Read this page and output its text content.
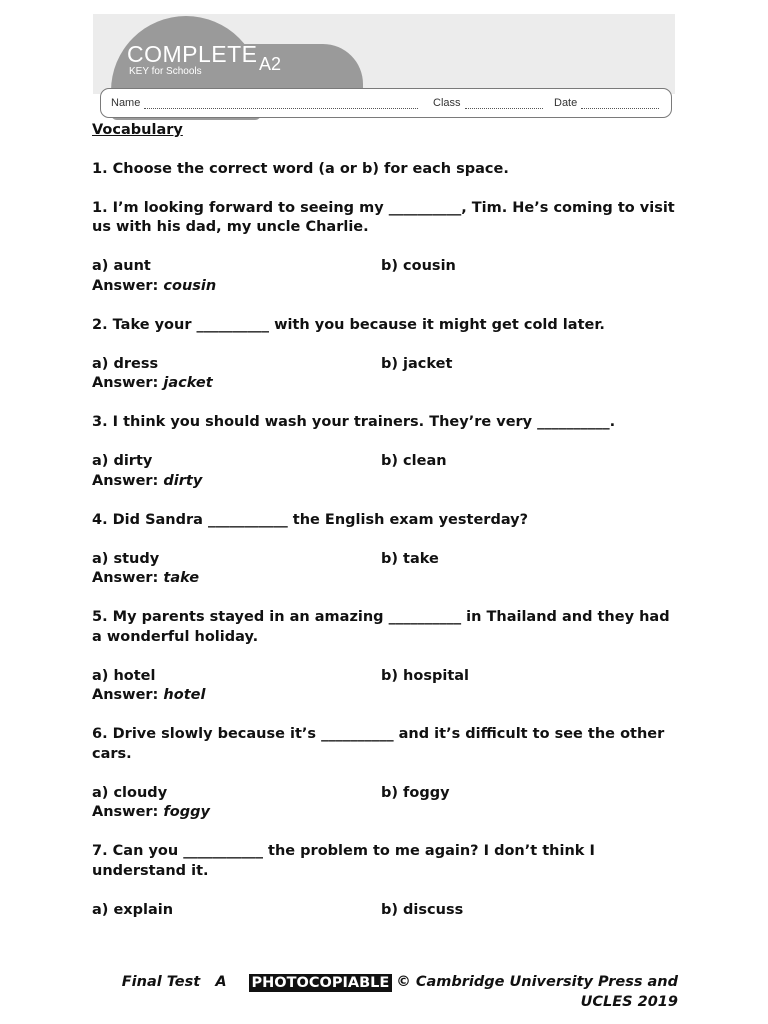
COMPLETE
KEY for Schools	A2
Name	Class	Date

Vocabulary

1. Choose the correct word (a or b) for each space.

1. I’m looking forward to seeing my __________, Tim. He’s coming to visit us with his dad, my uncle Charlie.

a) aunt	b) cousin

Answer: cousin

2. Take your __________ with you because it might get cold later.

a) dress	b) jacket

Answer: jacket

3. I think you should wash your trainers. They’re very __________.

a) dirty	b) clean

Answer: dirty

4. Did Sandra ___________ the English exam yesterday?

a) study	b) take

Answer: take

5. My parents stayed in an amazing __________ in Thailand and they had a wonderful holiday.

a) hotel	b) hospital

Answer: hotel

6. Drive slowly because it’s __________ and it’s difficult to see the other cars.

a) cloudy	b) foggy

Answer: foggy

7. Can you ___________ the problem to me again? I don’t think I understand it.

a) explain	b) discuss
Final Test   A PHOTOCOPIABLE © Cambridge University Press and
UCLES 2019
